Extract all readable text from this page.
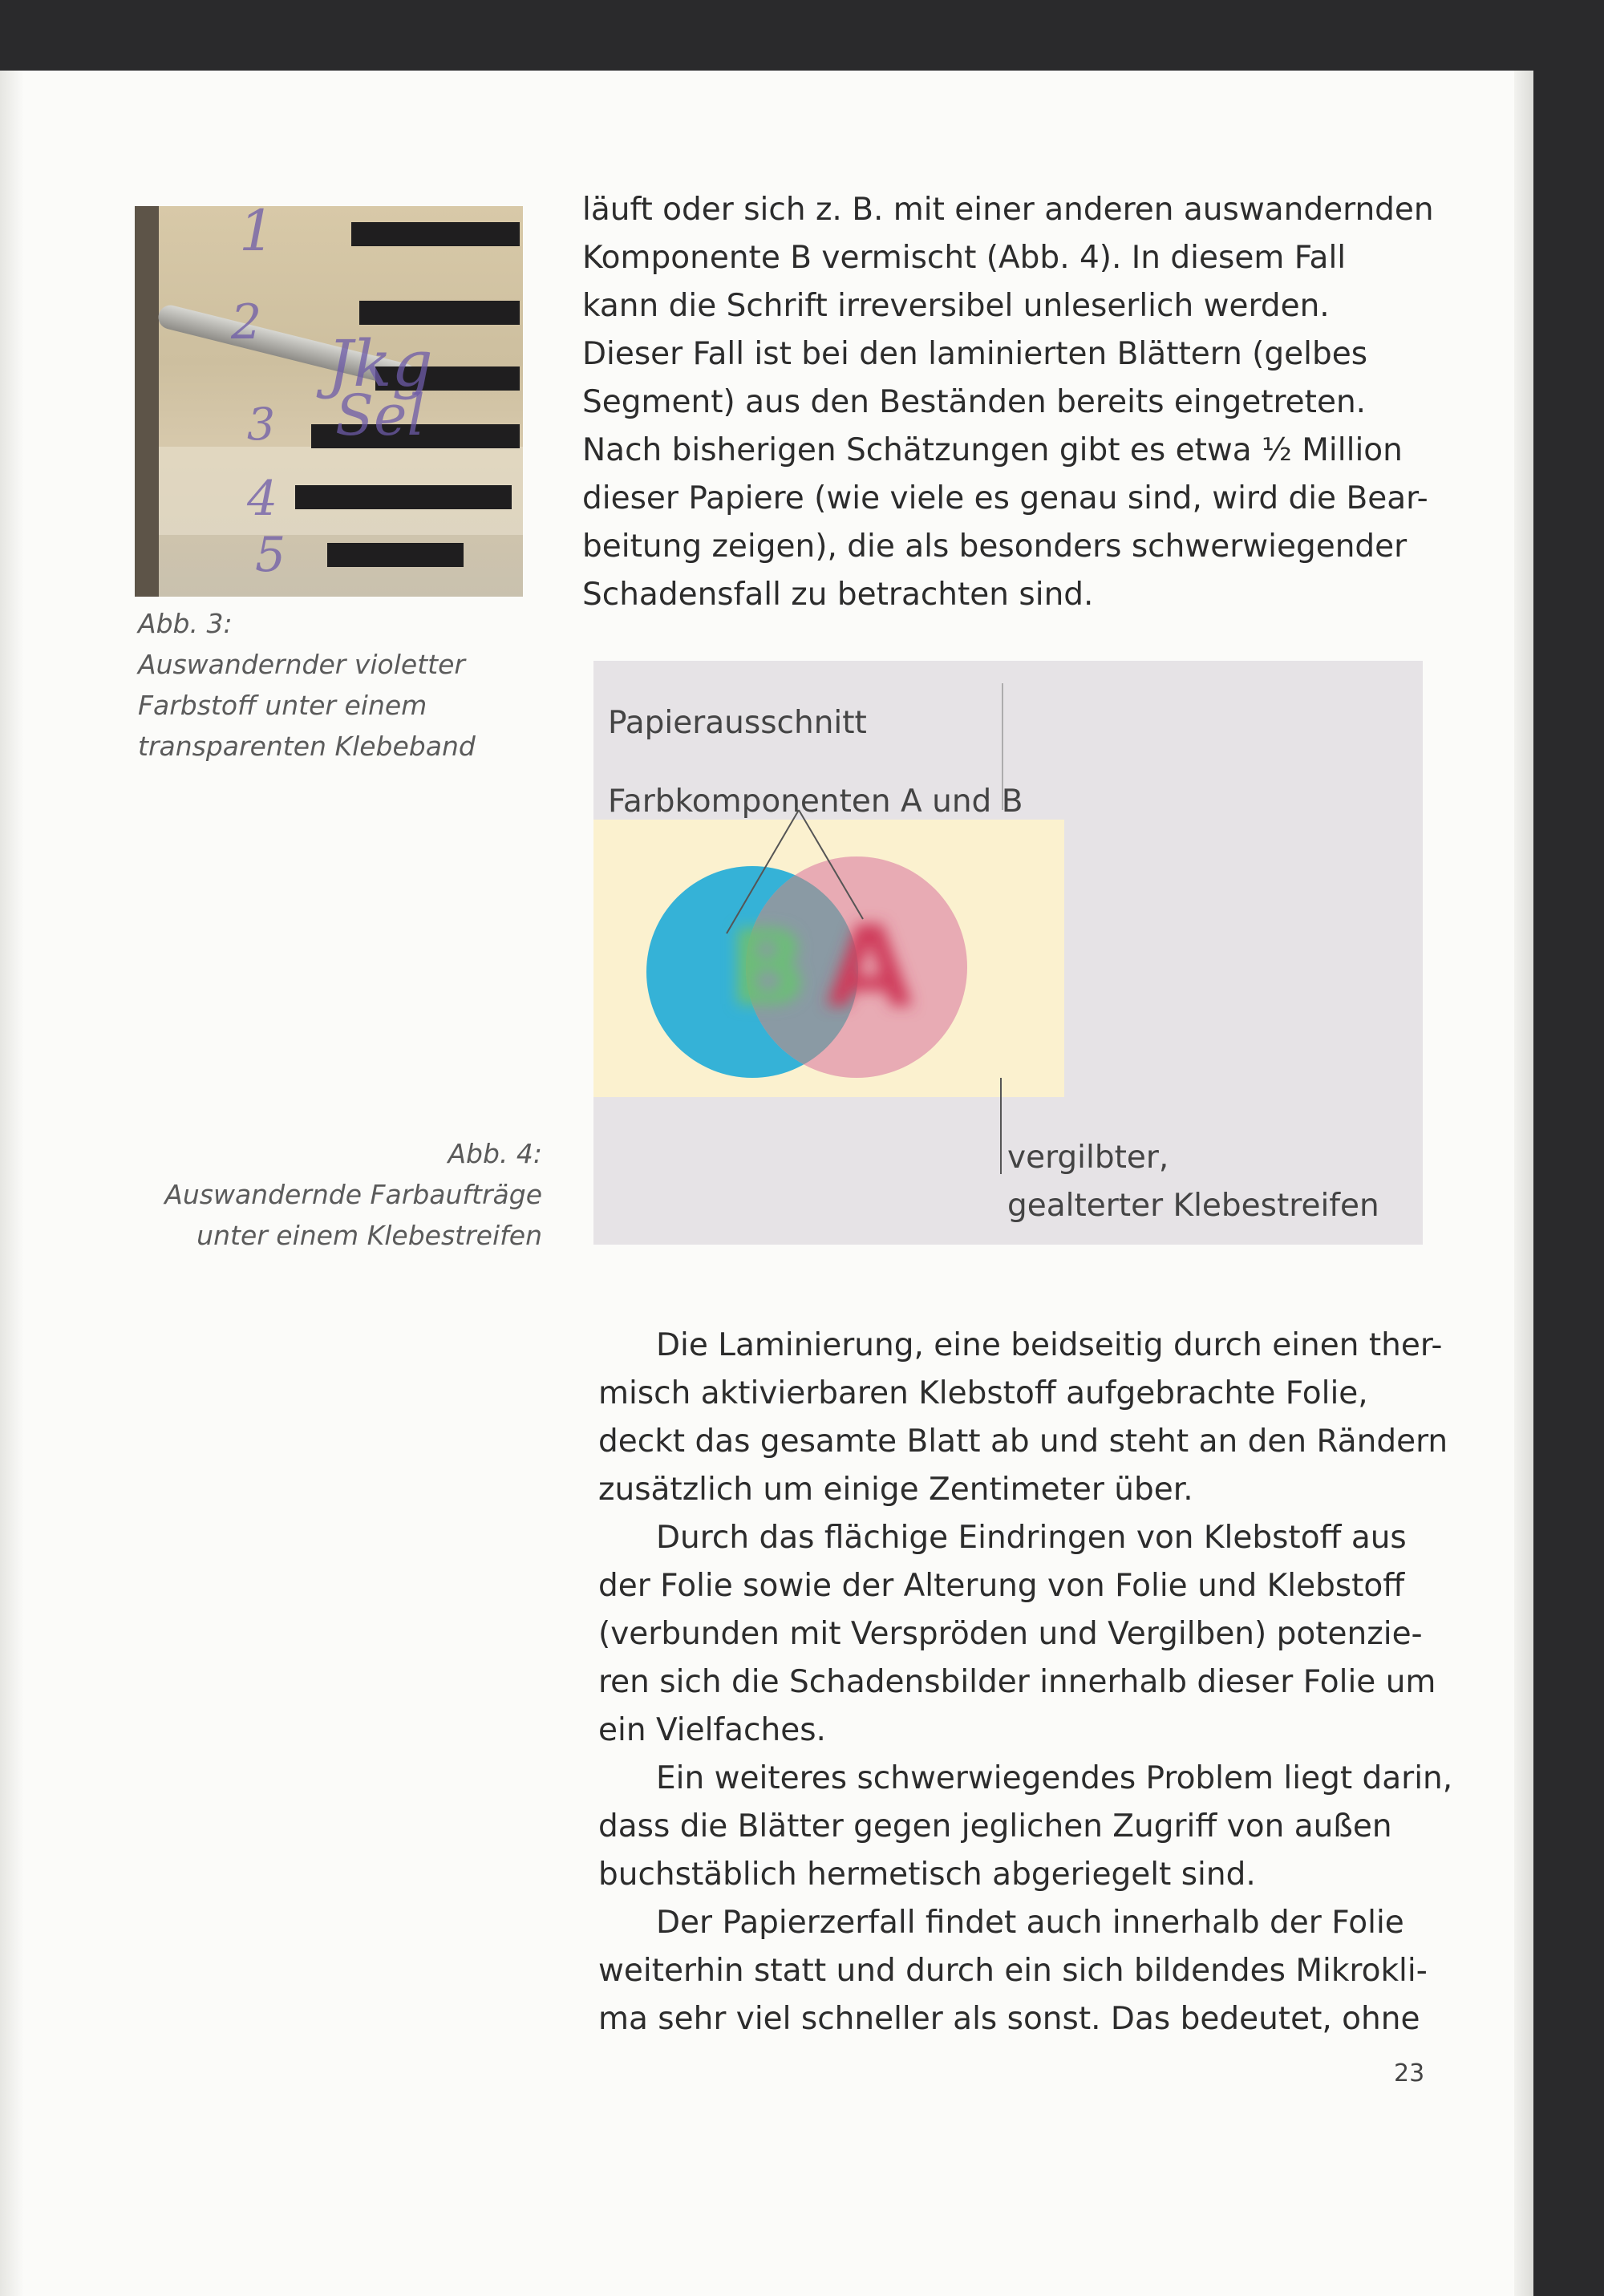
1
2
3
4
5
Jkg
Sel
Abb. 3:
Auswandernder violetter
Farbstoff unter einem
transparenten Klebeband
läuft oder sich z. B. mit einer anderen auswandernden
Komponente B vermischt (Abb. 4). In diesem Fall
kann die Schrift irreversibel unleserlich werden.
Dieser Fall ist bei den laminierten Blättern (gelbes
Segment) aus den Beständen bereits eingetreten.
Nach bisherigen Schätzungen gibt es etwa ½ Million
dieser Papiere (wie viele es genau sind, wird die Bear-
beitung zeigen), die als besonders schwerwiegender
Schadensfall zu betrachten sind.
B A
Papierausschnitt
Farbkomponenten A und B
vergilbter,
gealterter Klebestreifen
Abb. 4:
Auswandernde Farbaufträge
unter einem Klebestreifen
Die Laminierung, eine beidseitig durch einen ther-
misch aktivierbaren Klebstoff aufgebrachte Folie,
deckt das gesamte Blatt ab und steht an den Rändern
zusätzlich um einige Zentimeter über.
Durch das flächige Eindringen von Klebstoff aus
der Folie sowie der Alterung von Folie und Klebstoff
(verbunden mit Verspröden und Vergilben) potenzie-
ren sich die Schadensbilder innerhalb dieser Folie um
ein Vielfaches.
Ein weiteres schwerwiegendes Problem liegt darin,
dass die Blätter gegen jeglichen Zugriff von außen
buchstäblich hermetisch abgeriegelt sind.
Der Papierzerfall findet auch innerhalb der Folie
weiterhin statt und durch ein sich bildendes Mikrokli-
ma sehr viel schneller als sonst. Das bedeutet, ohne
23
